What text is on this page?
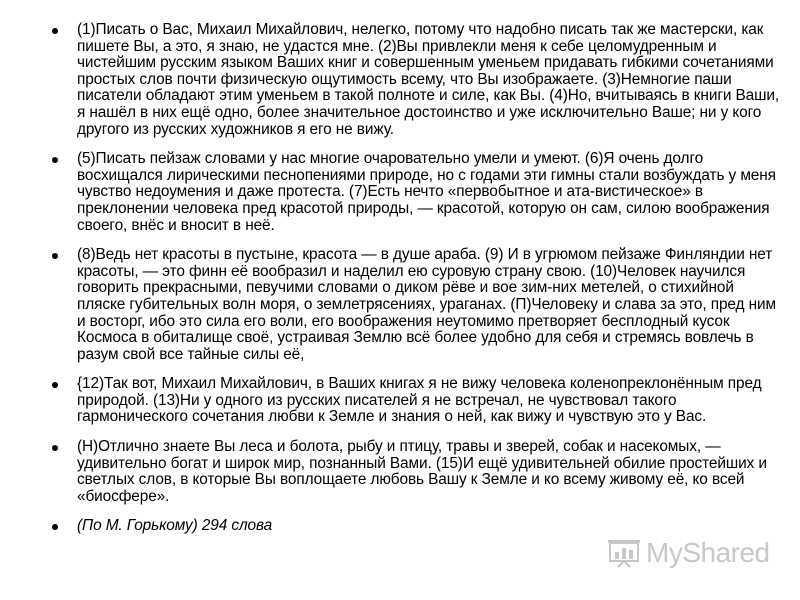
(1)Писать о Вас, Михаил Михайлович, нелегко, потому что надобно писать так же мастерски, как пишете Вы, а это, я знаю, не удастся мне. (2)Вы привлекли меня к себе целомудренным и чистейшим русским языком Ваших книг и совершенным уменьем придавать гибкими сочетаниями простых слов почти физическую ощутимость всему, что Вы изображаете. (3)Немногие паши писатели обладают этим уменьем в такой полноте и силе, как Вы. (4)Но, вчитываясь в книги Ваши, я нашёл в них ещё одно, более значительное достоинство и уже исключительно Ваше; ни у кого другого из русских художников я его не вижу.
(5)Писать пейзаж словами у нас многие очаровательно умели и умеют. (6)Я очень долго восхищался лирическими песнопениями природе, но с годами эти гимны стали возбуждать у меня чувство недоумения и даже протеста. (7)Есть нечто «первобытное и ата-вистическое» в преклонении человека пред красотой природы, — красотой, которую он сам, силою воображения своего, внёс и вносит в неё.
(8)Ведь нет красоты в пустыне, красота — в душе араба. (9) И в угрюмом пейзаже Финляндии нет красоты, — это финн её вообразил и наделил ею суровую страну свою. (10)Человек научился говорить прекрасными, певучими словами о диком рёве и вое зим-них метелей, о стихийной пляске губительных волн моря, о землетрясениях, ураганах. (П)Человеку и слава за это, пред ним и восторг, ибо это сила его воли, его воображения неутомимо претворяет бесплодный кусок Космоса в обиталище своё, устраивая Землю всё более удобно для себя и стремясь вовлечь в разум свой все тайные силы её,
{12)Так вот, Михаил Михайлович, в Ваших книгах я не вижу человека коленопреклонённым пред природой. (13)Ни у одного из русских писателей я не встречал, не чувствовал такого гармонического сочетания любви к Земле и знания о ней, как вижу и чувствую это у Вас.
(Н)Отлично знаете Вы леса и болота, рыбу и птицу, травы и зверей, собак и насекомых, — удивительно богат и широк мир, познанный Вами. (15)И ещё удивительней обилие простейших и светлых слов, в которые Вы воплощаете любовь Вашу к Земле и ко всему живому её, ко всей «биосфере».
(По М. Горькому) 294 слова
MyShared
